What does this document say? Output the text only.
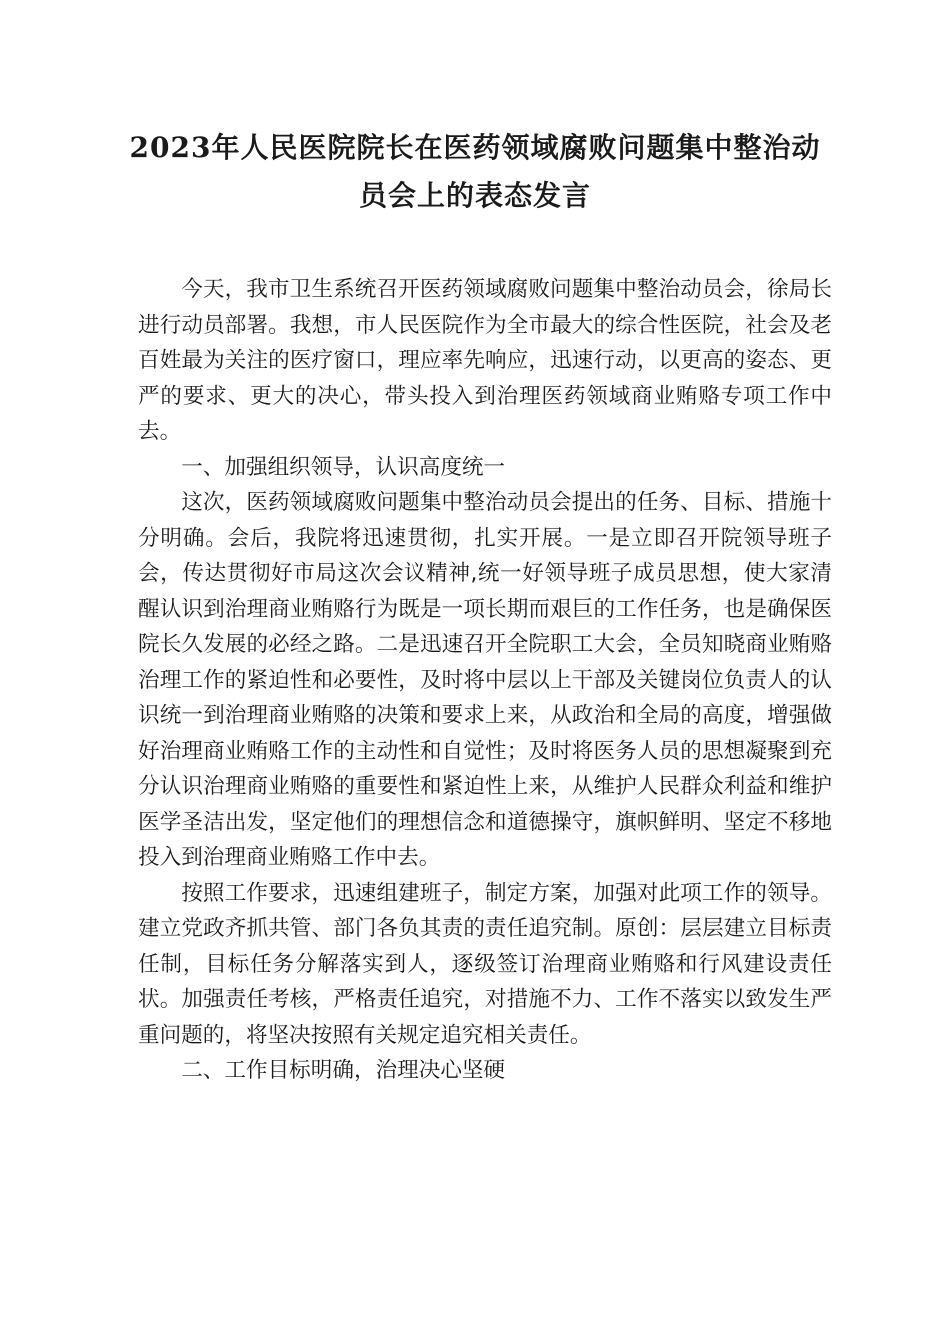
2023年人民医院院长在医药领域腐败问题集中整治动员会上的表态发言

今天，我市卫生系统召开医药领域腐败问题集中整治动员会，徐局长进行动员部署。我想，市人民医院作为全市最大的综合性医院，社会及老百姓最为关注的医疗窗口，理应率先响应，迅速行动，以更高的姿态、更严的要求、更大的决心，带头投入到治理医药领域商业贿赂专项工作中去。

一、加强组织领导，认识高度统一

这次，医药领域腐败问题集中整治动员会提出的任务、目标、措施十分明确。会后，我院将迅速贯彻，扎实开展。一是立即召开院领导班子会，传达贯彻好市局这次会议精神,统一好领导班子成员思想，使大家清醒认识到治理商业贿赂行为既是一项长期而艰巨的工作任务，也是确保医院长久发展的必经之路。二是迅速召开全院职工大会，全员知晓商业贿赂治理工作的紧迫性和必要性，及时将中层以上干部及关键岗位负责人的认识统一到治理商业贿赂的决策和要求上来，从政治和全局的高度，增强做好治理商业贿赂工作的主动性和自觉性；及时将医务人员的思想凝聚到充分认识治理商业贿赂的重要性和紧迫性上来，从维护人民群众利益和维护医学圣洁出发，坚定他们的理想信念和道德操守，旗帜鲜明、坚定不移地投入到治理商业贿赂工作中去。

按照工作要求，迅速组建班子，制定方案，加强对此项工作的领导。建立党政齐抓共管、部门各负其责的责任追究制。原创：层层建立目标责任制，目标任务分解落实到人，逐级签订治理商业贿赂和行风建设责任状。加强责任考核，严格责任追究，对措施不力、工作不落实以致发生严重问题的，将坚决按照有关规定追究相关责任。

二、工作目标明确，治理决心坚硬
